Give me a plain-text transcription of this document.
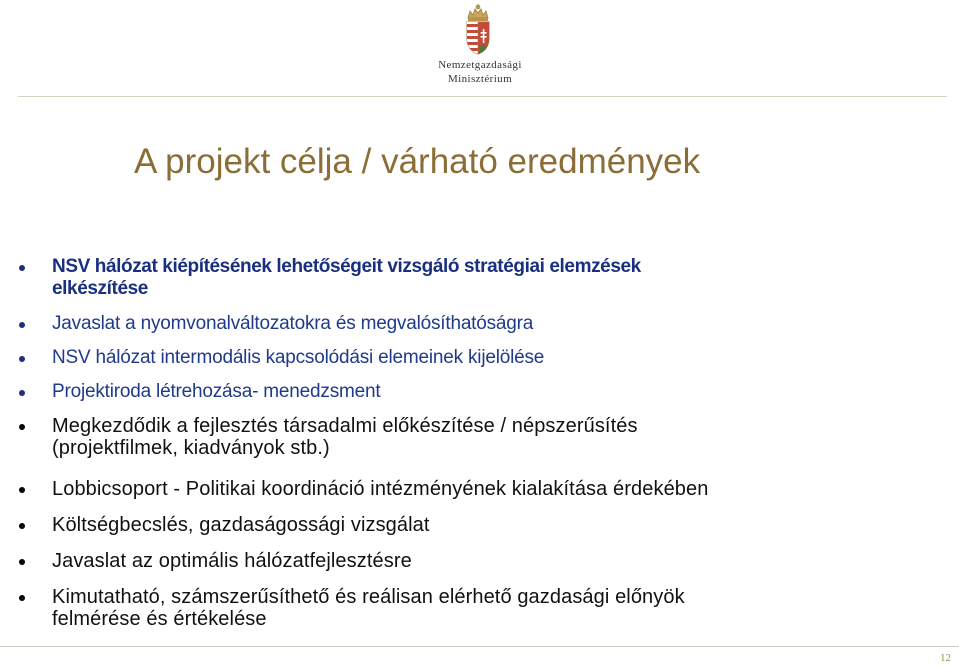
Nemzetgazdasági
Minisztérium
A projekt célja / várható eredmények
NSV hálózat kiépítésének lehetőségeit vizsgáló stratégiai elemzések
elkészítése
Javaslat a nyomvonalváltozatokra és megvalósíthatóságra
NSV hálózat intermodális kapcsolódási elemeinek kijelölése
Projektiroda létrehozása- menedzsment
Megkezdődik a fejlesztés társadalmi előkészítése / népszerűsítés
(projektfilmek, kiadványok stb.)
Lobbicsoport - Politikai koordináció intézményének kialakítása érdekében
Költségbecslés, gazdaságossági vizsgálat
Javaslat az optimális hálózatfejlesztésre
Kimutatható, számszerűsíthető és reálisan elérhető gazdasági előnyök
felmérése és értékelése
12
